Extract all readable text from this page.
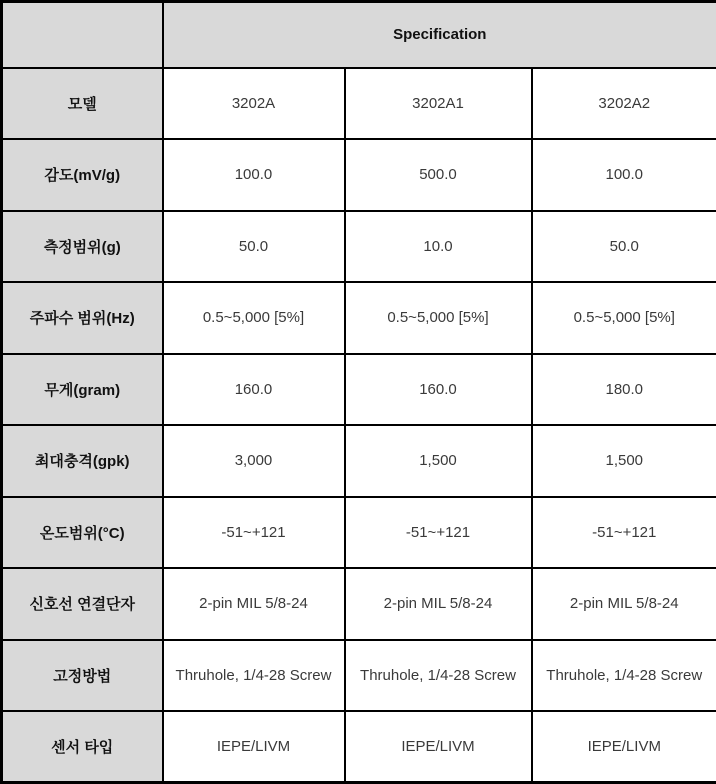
	Specification		
모델	3202A	3202A1	3202A2
감도(mV/g)	100.0	500.0	100.0
측정범위(g)	50.0	10.0	50.0
주파수 범위(Hz)	0.5~5,000 [5%]	0.5~5,000 [5%]	0.5~5,000 [5%]
무게(gram)	160.0	160.0	180.0
최대충격(gpk)	3,000	1,500	1,500
온도범위(°C)	-51~+121	-51~+121	-51~+121
신호선 연결단자	2-pin MIL 5/8-24	2-pin MIL 5/8-24	2-pin MIL 5/8-24
고정방법	Thruhole, 1/4-28 Screw	Thruhole, 1/4-28 Screw	Thruhole, 1/4-28 Screw
센서 타입	IEPE/LIVM	IEPE/LIVM	IEPE/LIVM
